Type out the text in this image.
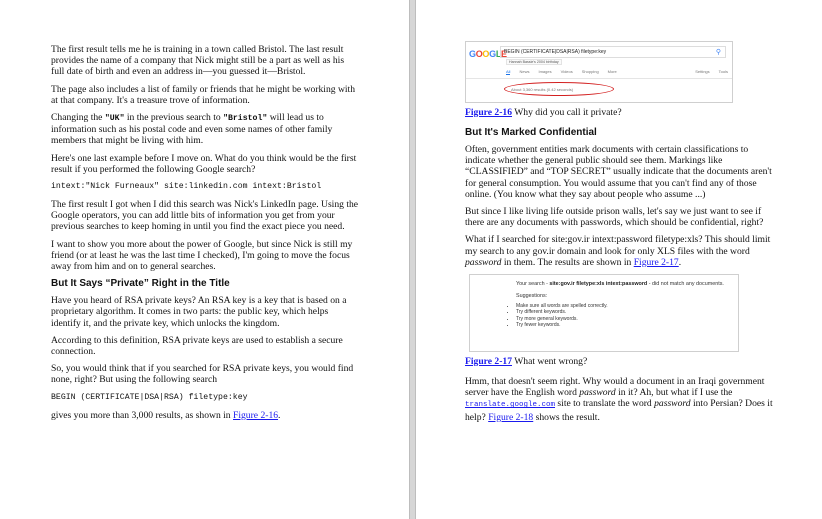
The first result tells me he is training in a town called Bristol. The last result provides the name of a company that Nick might still be a part as well as his full date of birth and even an address in—you guessed it—Bristol.

The page also includes a list of family or friends that he might be working with at that company. It's a treasure trove of information.

Changing the "UK" in the previous search to "Bristol" will lead us to information such as his postal code and even some names of other family members that might be living with him.

Here's one last example before I move on. What do you think would be the first result if you performed the following Google search?

intext:"Nick Furneaux" site:linkedin.com intext:Bristol

The first result I got when I did this search was Nick's LinkedIn page. Using the Google operators, you can add little bits of information you get from your previous searches to keep homing in until you find the exact piece you need.

I want to show you more about the power of Google, but since Nick is still my friend (or at least he was the last time I checked), I'm going to move the focus away from him and on to general searches.

But It Says “Private” Right in the Title

Have you heard of RSA private keys? An RSA key is a key that is based on a proprietary algorithm. It comes in two parts: the public key, which helps identify it, and the private key, which unlocks the kingdom.

According to this definition, RSA private keys are used to establish a secure connection.

So, you would think that if you searched for RSA private keys, you would find none, right? But using the following search

BEGIN (CERTIFICATE|DSA|RSA) filetype:key

gives you more than 3,000 results, as shown in Figure 2-16.

GOOGLE
BEGIN (CERTIFICATE|DSA|RSA) filetype:key	⚲
Hannah Bassie's 2004 birthday
All News Images Videos Shopping More	Settings Tools
About 3,360 results (0.42 seconds)

Figure 2-16 Why did you call it private?

But It's Marked Confidential

Often, government entities mark documents with certain classifications to indicate whether the general public should see them. Markings like “CLASSIFIED” and “TOP SECRET” usually indicate that the documents aren't for general consumption. You would assume that you can't find any of those online. (You know what they say about people who assume ...)

But since I like living life outside prison walls, let's say we just want to see if there are any documents with passwords, which should be confidential, right?

What if I searched for site:gov.ir intext:password filetype:xls? This should limit my search to any gov.ir domain and look for only XLS files with the word password in them. The results are shown in Figure 2-17.

Your search - site:gov.ir filetype:xls intext:password - did not match any documents.
Suggestions:
• Make sure all words are spelled correctly.
• Try different keywords.
• Try more general keywords.
• Try fewer keywords.

Figure 2-17 What went wrong?

Hmm, that doesn't seem right. Why would a document in an Iraqi government server have the English word password in it? Ah, but what if I use the translate.google.com site to translate the word password into Persian? Does it help? Figure 2-18 shows the result.
